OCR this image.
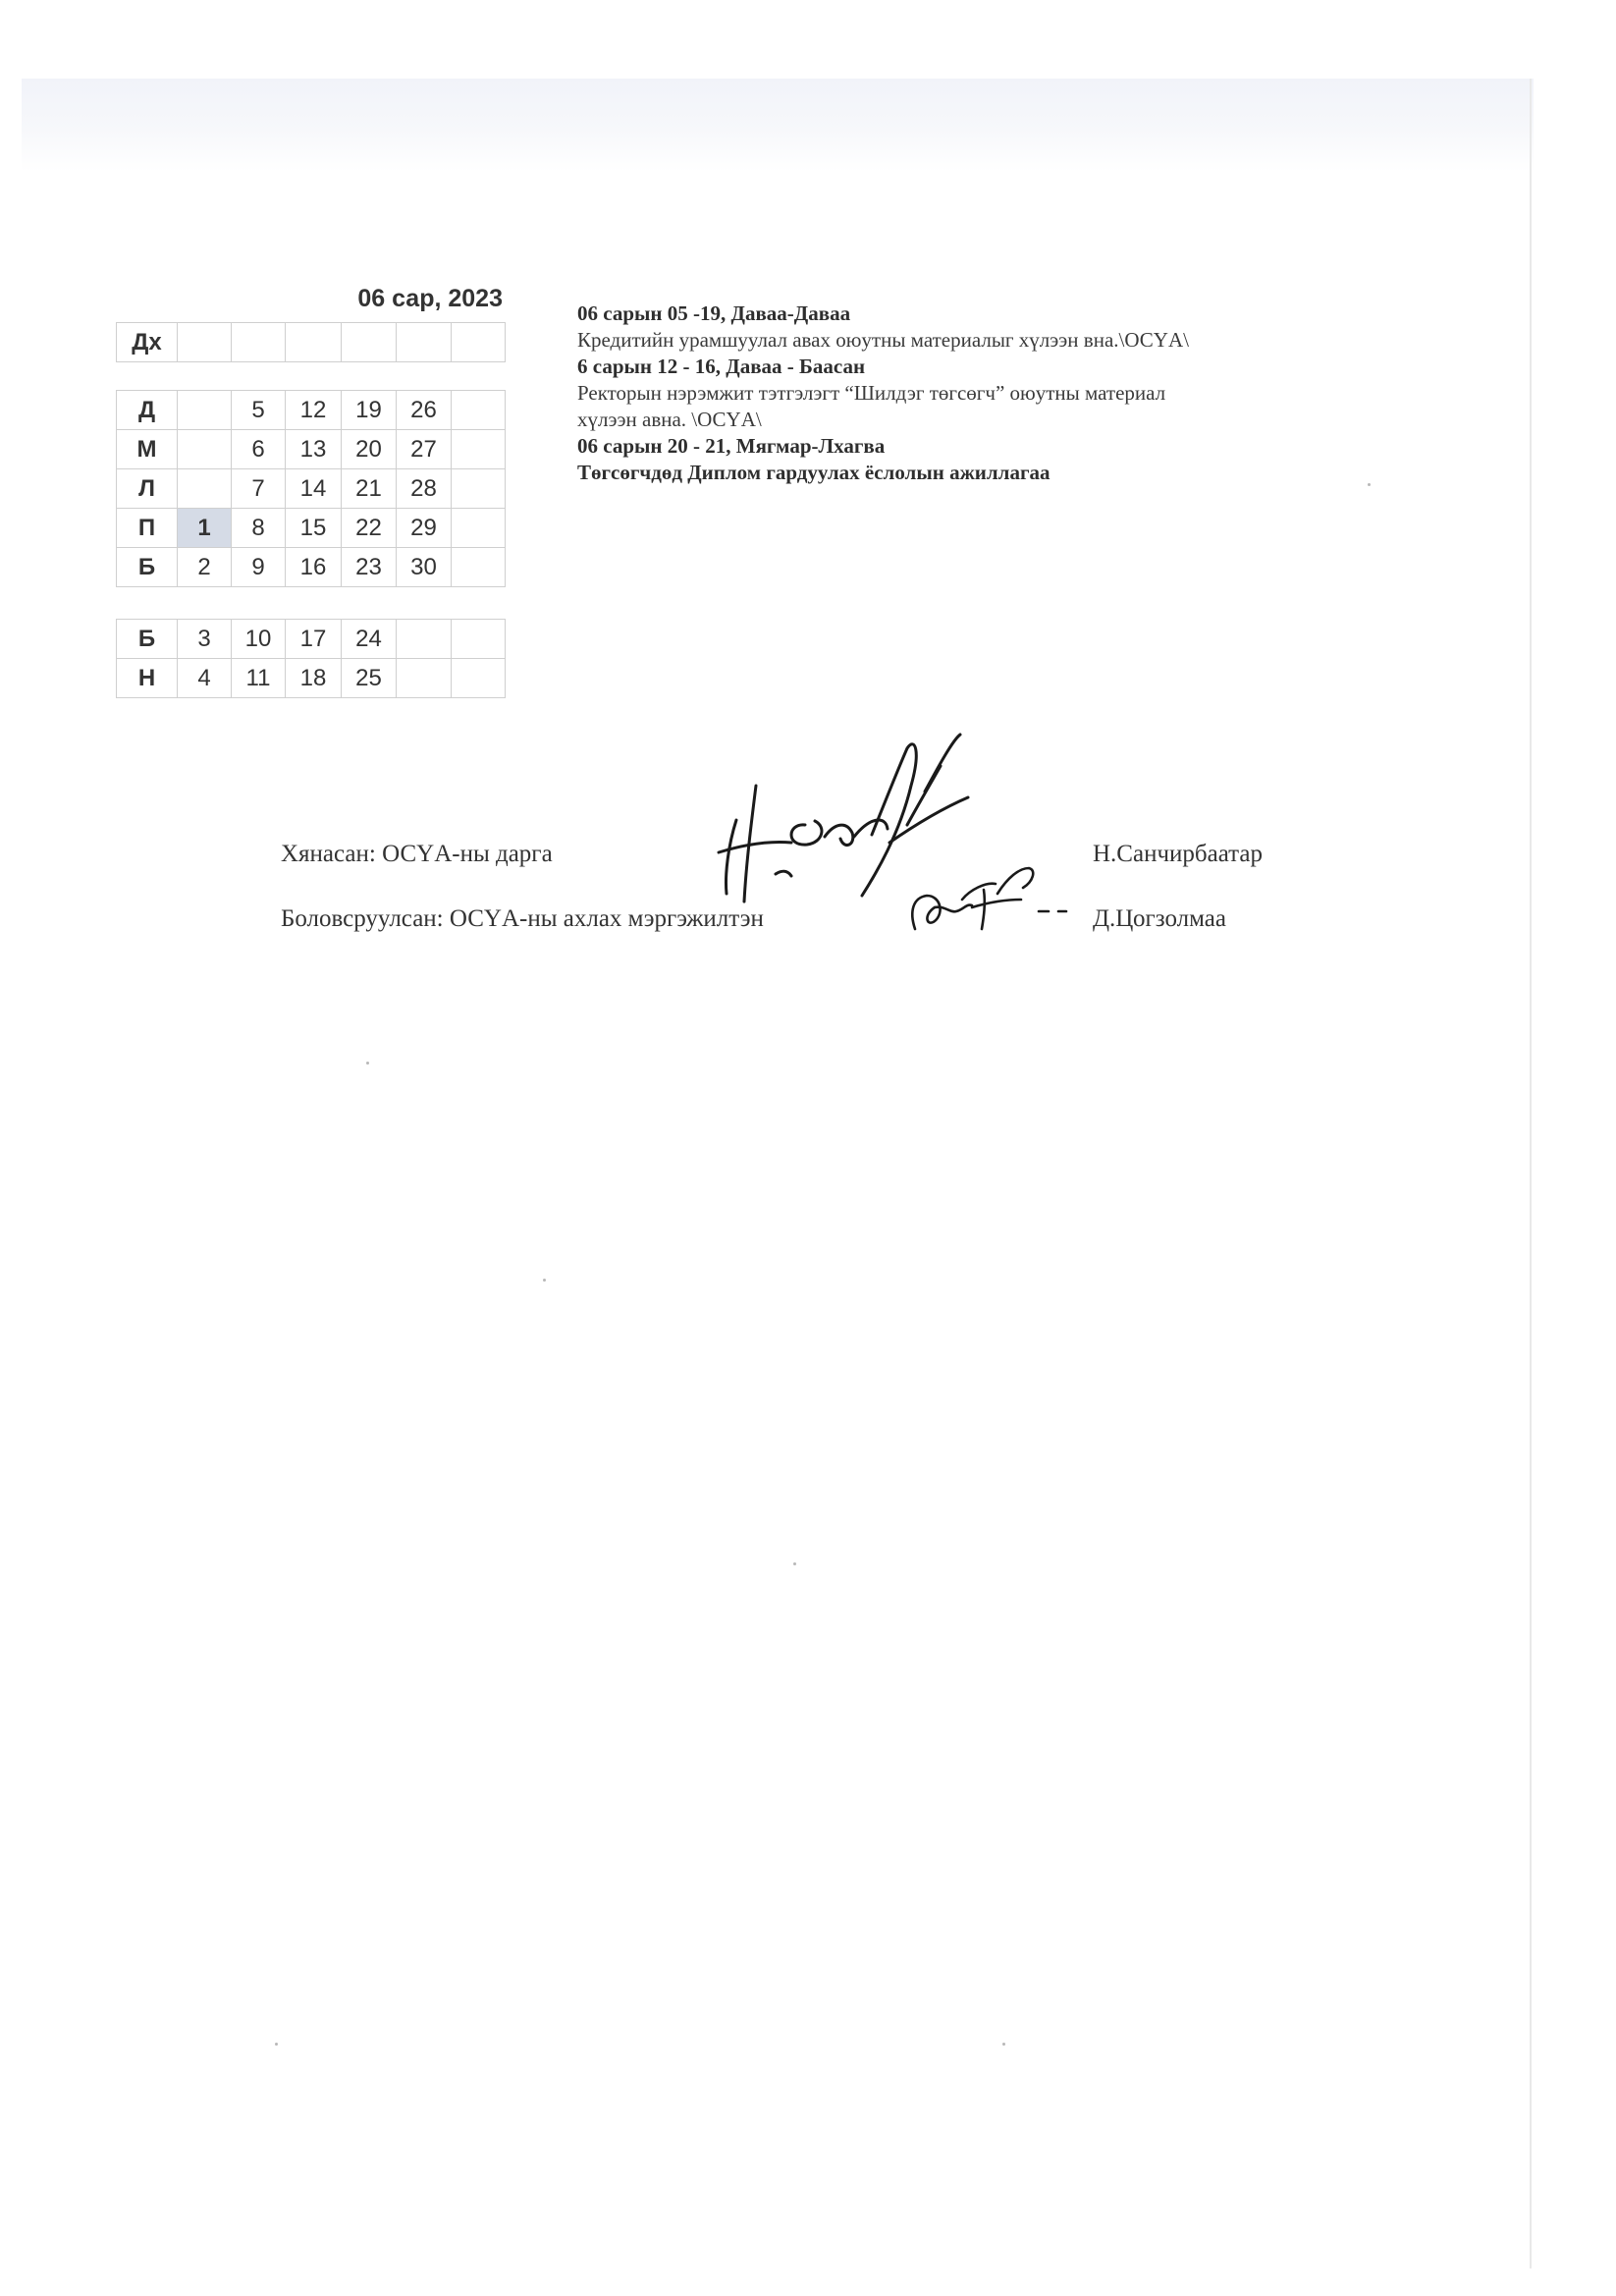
06 сар, 2023
Дх						
Д		5	12	19	26	
М		6	13	20	27	
Л		7	14	21	28	
П	1	8	15	22	29	
Б	2	9	16	23	30	
Б	3	10	17	24		
Н	4	11	18	25		
06 сарын 05 -19, Даваа-Даваа
Кредитийн урамшуулал авах оюутны материалыг хүлээн вна.\ОСҮА\
6 сарын 12 - 16, Даваа - Баасан
Ректорын нэрэмжит тэтгэлэгт “Шилдэг төгсөгч” оюутны материал
хүлээн авна. \ОСҮА\
06 сарын 20 - 21, Мягмар-Лхагва
Төгсөгчдөд Диплом гардуулах ёслолын ажиллагаа
Хянасан: ОСҮА-ны дарга	Н.Санчирбаатар
Боловсруулсан: ОСҮА-ны ахлах мэргэжилтэн	Д.Цогзолмаа
